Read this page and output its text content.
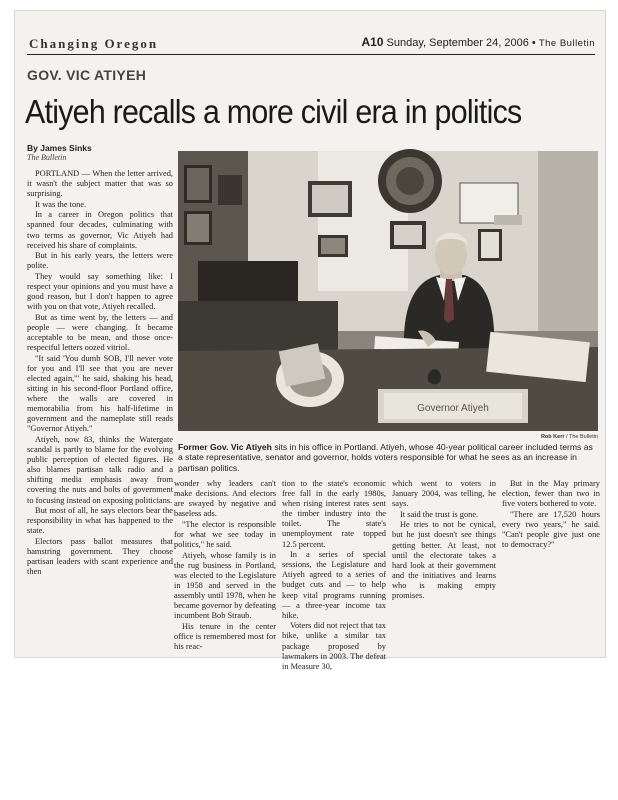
Changing Oregon	A10 Sunday, September 24, 2006 • The Bulletin
GOV. VIC ATIYEH
Atiyeh recalls a more civil era in politics
By James Sinks
The Bulletin

PORTLAND — When the letter arrived, it wasn't the subject matter that was so surprising.

It was the tone.

In a career in Oregon politics that spanned four decades, culminating with two terms as governor, Vic Atiyeh had received his share of complaints.

But in his early years, the letters were polite.

They would say something like: I respect your opinions and you must have a good reason, but I don't happen to agree with you on that vote, Atiyeh recalled.

But as time went by, the letters — and people — were changing. It became acceptable to be mean, and those once-respectful letters oozed vitriol.

"It said 'You dumb SOB, I'll never vote for you and I'll see that you are never elected again,'" he said, shaking his head, sitting in his second-floor Portland office, where the walls are covered in memorabilia from his half-lifetime in government and the nameplate still reads "Governor Atiyeh."

Atiyeh, now 83, thinks the Watergate scandal is partly to blame for the evolving public perception of elected figures. He also blames partisan talk radio and a shifting media emphasis away from covering the nuts and bolts of government to focusing instead on exposing politicians.

But most of all, he says electors bear the responsibility in what has happened to the state.

Electors pass ballot measures that hamstring government. They choose partisan leaders with scant experience and then

Governor Atiyeh
Rob Kerr / The Bulletin
Former Gov. Vic Atiyeh sits in his office in Portland. Atiyeh, whose 40-year political career included terms as a state representative, senator and governor, holds voters responsible for what he sees as an increase in partisan politics.

wonder why leaders can't make decisions. And electors are swayed by negative and baseless ads.

"The elector is responsible for what we see today in politics," he said.

Atiyeh, whose family is in the rug business in Portland, was elected to the Legislature in 1958 and served in the assembly until 1978, when he became governor by defeating incumbent Bob Straub.

His tenure in the center office is remembered most for his reac-

tion to the state's economic free fall in the early 1980s, when rising interest rates sent the timber industry into the toilet. The state's unemployment rate topped 12.5 percent.

In a series of special sessions, the Legislature and Atiyeh agreed to a series of budget cuts and — to help keep vital programs running — a three-year income tax hike.

Voters did not reject that tax hike, unlike a similar tax package proposed by lawmakers in 2003. The defeat in Measure 30,

which went to voters in January 2004, was telling, he says.

It said the trust is gone.

He tries to not be cynical, but he just doesn't see things getting better. At least, not until the electorate takes a hard look at their government and the initiatives and learns who is making empty promises.

But in the May primary election, fewer than two in five voters bothered to vote.

"There are 17,520 hours every two years," he said. "Can't people give just one to democracy?"
